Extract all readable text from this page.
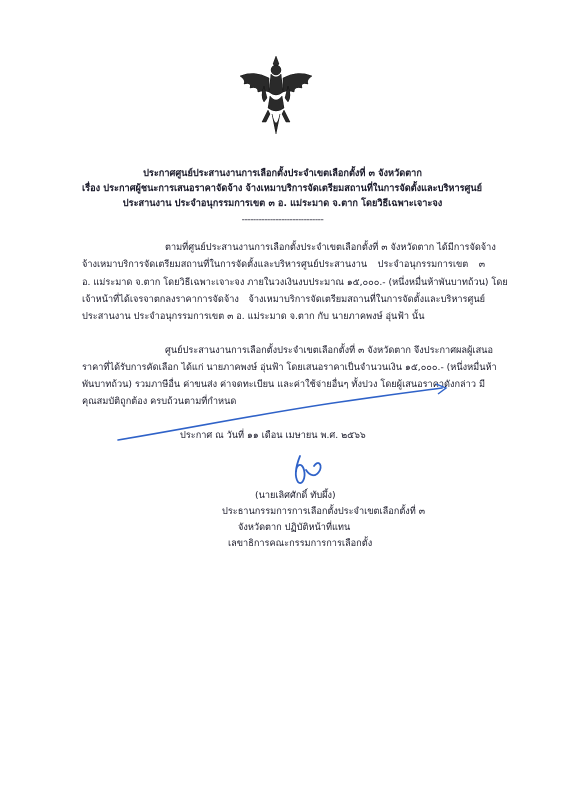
ประกาศศูนย์ประสานงานการเลือกตั้งประจำเขตเลือกตั้งที่ ๓ จังหวัดตาก
เรื่อง ประกาศผู้ชนะการเสนอราคาจัดจ้าง จ้างเหมาบริการจัดเตรียมสถานที่ในการจัดตั้งและบริหารศูนย์
ประสานงาน ประจำอนุกรรมการเขต ๓ อ. แม่ระมาด จ.ตาก โดยวิธีเฉพาะเจาะจง
-----------------------------
ตามที่ศูนย์ประสานงานการเลือกตั้งประจำเขตเลือกตั้งที่ ๓ จังหวัดตาก ได้มีการจัดจ้าง
จ้างเหมาบริการจัดเตรียมสถานที่ในการจัดตั้งและบริหารศูนย์ประสานงาน ประจำอนุกรรมการเขต ๓
อ. แม่ระมาด จ.ตาก โดยวิธีเฉพาะเจาะจง ภายในวงเงินงบประมาณ ๑๕,๐๐๐.- (หนึ่งหมื่นห้าพันบาทถ้วน) โดย
เจ้าหน้าที่ได้เจรจาตกลงราคาการจัดจ้าง จ้างเหมาบริการจัดเตรียมสถานที่ในการจัดตั้งและบริหารศูนย์
ประสานงาน ประจำอนุกรรมการเขต ๓ อ. แม่ระมาด จ.ตาก กับ นายภาคพงษ์ อุ่นฟ้า นั้น
ศูนย์ประสานงานการเลือกตั้งประจำเขตเลือกตั้งที่ ๓ จังหวัดตาก จึงประกาศผลผู้เสนอ
ราคาที่ได้รับการคัดเลือก ได้แก่ นายภาคพงษ์ อุ่นฟ้า โดยเสนอราคาเป็นจำนวนเงิน ๑๕,๐๐๐.- (หนึ่งหมื่นห้า
พันบาทถ้วน) รวมภาษีอื่น ค่าขนส่ง ค่าจดทะเบียน และค่าใช้จ่ายอื่นๆ ทั้งปวง โดยผู้เสนอราคาดังกล่าว มี
คุณสมบัติถูกต้อง ครบถ้วนตามที่กำหนด
ประกาศ ณ วันที่ ๑๑ เดือน เมษายน พ.ศ. ๒๕๖๖
(นายเลิศศักดิ์ ทับผึ้ง)
ประธานกรรมการการเลือกตั้งประจำเขตเลือกตั้งที่ ๓
จังหวัดตาก ปฏิบัติหน้าที่แทน
เลขาธิการคณะกรรมการการเลือกตั้ง
